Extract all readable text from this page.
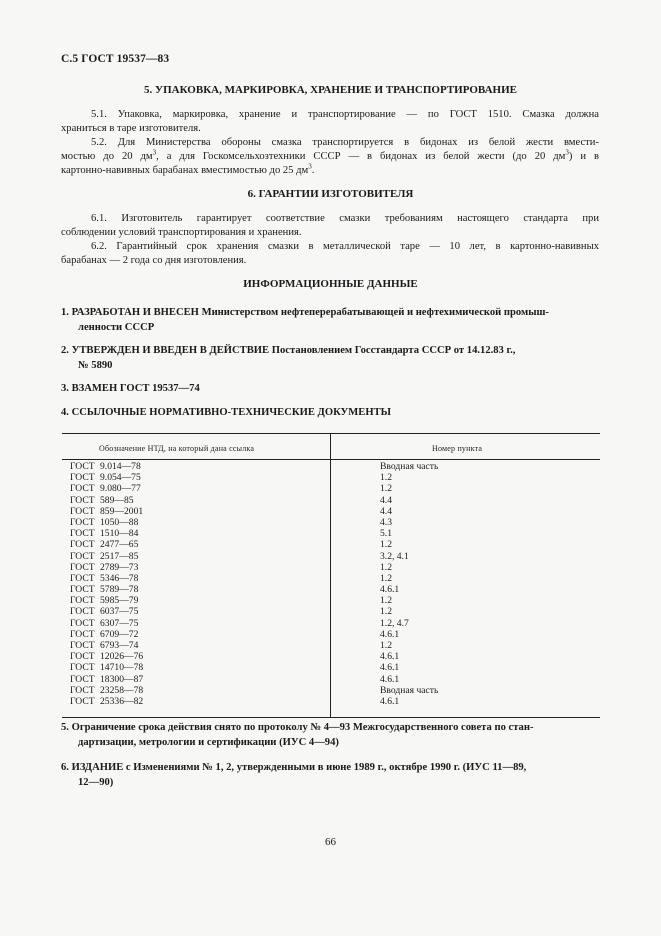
С.5 ГОСТ 19537—83
5. УПАКОВКА, МАРКИРОВКА, ХРАНЕНИЕ И ТРАНСПОРТИРОВАНИЕ
5.1. Упаковка, маркировка, хранение и транспортирование — по ГОСТ 1510. Смазка должна
храниться в таре изготовителя.
5.2. Для Министерства обороны смазка транспортируется в бидонах из белой жести вмести-
мостью до 20 $дм^3$, а для Госкомсельхозтехники СССР — в бидонах из белой жести (до 20 $дм^3$) и в
картонно-навивных барабанах вместимостью до 25 $дм^3$.
6. ГАРАНТИИ ИЗГОТОВИТЕЛЯ
6.1. Изготовитель гарантирует соответствие смазки требованиям настоящего стандарта при
соблюдении условий транспортирования и хранения.
6.2. Гарантийный срок хранения смазки в металлической таре — 10 лет, в картонно-навивных
барабанах — 2 года со дня изготовления.
ИНФОРМАЦИОННЫЕ ДАННЫЕ
1. РАЗРАБОТАН И ВНЕСЕН Министерством нефтеперерабатывающей и нефтехимической промыш-
ленности СССР
2. УТВЕРЖДЕН И ВВЕДЕН В ДЕЙСТВИЕ Постановлением Госстандарта СССР от 14.12.83 г.,
№ 5890
3. ВЗАМЕН ГОСТ 19537—74
4. ССЫЛОЧНЫЕ НОРМАТИВНО-ТЕХНИЧЕСКИЕ ДОКУМЕНТЫ
Обозначение НТД, на который дана ссылка	Номер пункта
ГОСТ 9.014—78	Вводная часть
ГОСТ 9.054—75	1.2
ГОСТ 9.080—77	1.2
ГОСТ 589—85	4.4
ГОСТ 859—2001	4.4
ГОСТ 1050—88	4.3
ГОСТ 1510—84	5.1
ГОСТ 2477—65	1.2
ГОСТ 2517—85	3.2, 4.1
ГОСТ 2789—73	1.2
ГОСТ 5346—78	1.2
ГОСТ 5789—78	4.6.1
ГОСТ 5985—79	1.2
ГОСТ 6037—75	1.2
ГОСТ 6307—75	1.2, 4.7
ГОСТ 6709—72	4.6.1
ГОСТ 6793—74	1.2
ГОСТ 12026—76	4.6.1
ГОСТ 14710—78	4.6.1
ГОСТ 18300—87	4.6.1
ГОСТ 23258—78	Вводная часть
ГОСТ 25336—82	4.6.1
5. Ограничение срока действия снято по протоколу № 4—93 Межгосударственного совета по стан-
дартизации, метрологии и сертификации (ИУС 4—94)
6. ИЗДАНИЕ с Изменениями № 1, 2, утвержденными в июне 1989 г., октябре 1990 г. (ИУС 11—89,
12—90)
66
